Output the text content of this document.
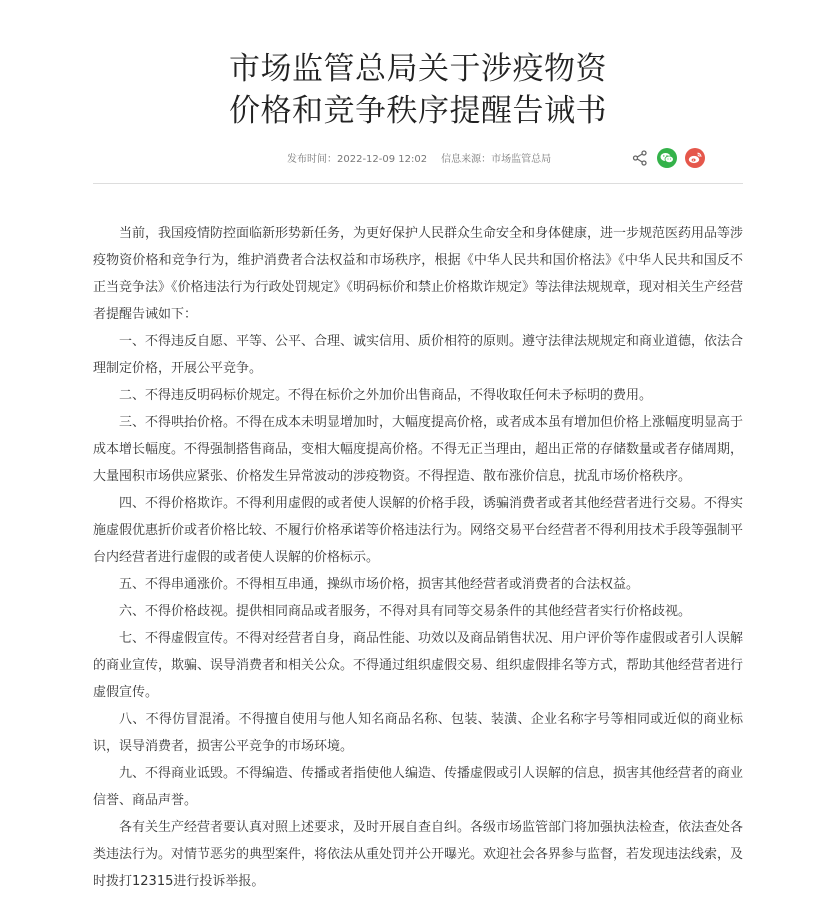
市场监管总局关于涉疫物资
价格和竞争秩序提醒告诫书
发布时间：2022-12-09 12:02 信息来源：市场监管总局

当前，我国疫情防控面临新形势新任务，为更好保护人民群众生命安全和身体健康，进一步规范医药用品等涉疫物资价格和竞争行为，维护消费者合法权益和市场秩序，根据《中华人民共和国价格法》《中华人民共和国反不正当竞争法》《价格违法行为行政处罚规定》《明码标价和禁止价格欺诈规定》等法律法规规章，现对相关生产经营者提醒告诫如下：

一、不得违反自愿、平等、公平、合理、诚实信用、质价相符的原则。遵守法律法规规定和商业道德，依法合理制定价格，开展公平竞争。

二、不得违反明码标价规定。不得在标价之外加价出售商品，不得收取任何未予标明的费用。

三、不得哄抬价格。不得在成本未明显增加时，大幅度提高价格，或者成本虽有增加但价格上涨幅度明显高于成本增长幅度。不得强制搭售商品，变相大幅度提高价格。不得无正当理由，超出正常的存储数量或者存储周期，大量囤积市场供应紧张、价格发生异常波动的涉疫物资。不得捏造、散布涨价信息，扰乱市场价格秩序。

四、不得价格欺诈。不得利用虚假的或者使人误解的价格手段，诱骗消费者或者其他经营者进行交易。不得实施虚假优惠折价或者价格比较、不履行价格承诺等价格违法行为。网络交易平台经营者不得利用技术手段等强制平台内经营者进行虚假的或者使人误解的价格标示。

五、不得串通涨价。不得相互串通，操纵市场价格，损害其他经营者或消费者的合法权益。

六、不得价格歧视。提供相同商品或者服务，不得对具有同等交易条件的其他经营者实行价格歧视。

七、不得虚假宣传。不得对经营者自身，商品性能、功效以及商品销售状况、用户评价等作虚假或者引人误解的商业宣传，欺骗、误导消费者和相关公众。不得通过组织虚假交易、组织虚假排名等方式，帮助其他经营者进行虚假宣传。

八、不得仿冒混淆。不得擅自使用与他人知名商品名称、包装、装潢、企业名称字号等相同或近似的商业标识，误导消费者，损害公平竞争的市场环境。

九、不得商业诋毁。不得编造、传播或者指使他人编造、传播虚假或引人误解的信息，损害其他经营者的商业信誉、商品声誉。

各有关生产经营者要认真对照上述要求，及时开展自查自纠。各级市场监管部门将加强执法检查，依法查处各类违法行为。对情节恶劣的典型案件，将依法从重处罚并公开曝光。欢迎社会各界参与监督，若发现违法线索，及时拨打12315进行投诉举报。
